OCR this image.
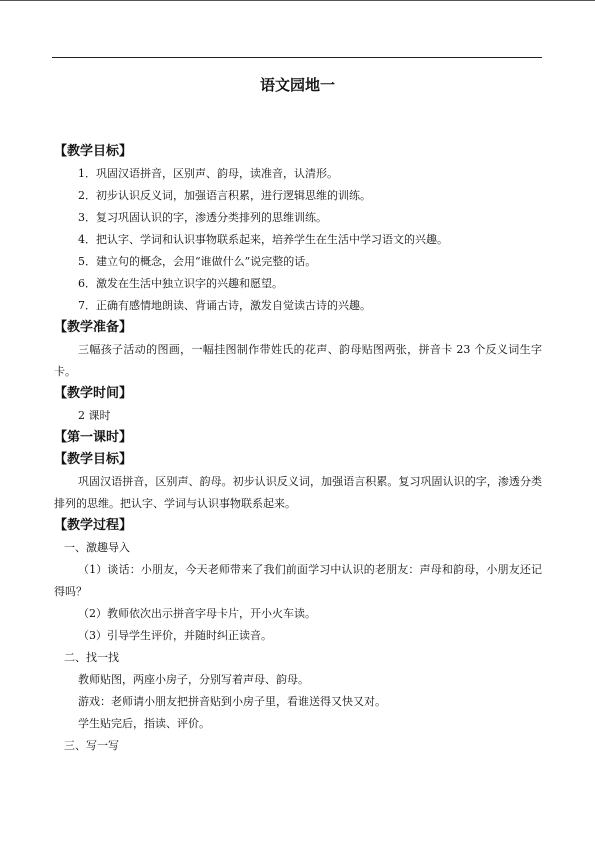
语文园地一
【教学目标】
1．巩固汉语拼音，区别声、韵母，读准音，认清形。
2．初步认识反义词，加强语言积累，进行逻辑思维的训练。
3．复习巩固认识的字，渗透分类排列的思维训练。
4．把认字、学词和认识事物联系起来，培养学生在生活中学习语文的兴趣。
5．建立句的概念，会用“谁做什么”说完整的话。
6．激发在生活中独立识字的兴趣和愿望。
7．正确有感情地朗读、背诵古诗，激发自觉读古诗的兴趣。
【教学准备】
三幅孩子活动的图画，一幅挂图制作带姓氏的花声、韵母贴图两张，拼音卡 23 个反义词生字卡。
【教学时间】
2 课时
【第一课时】
【教学目标】
巩固汉语拼音，区别声、韵母。初步认识反义词，加强语言积累。复习巩固认识的字，渗透分类排列的思维。把认字、学词与认识事物联系起来。
【教学过程】
一、激趣导入
（1）谈话：小朋友，今天老师带来了我们前面学习中认识的老朋友：声母和韵母，小朋友还记得吗？
（2）教师依次出示拼音字母卡片，开小火车读。
（3）引导学生评价，并随时纠正读音。
二、找一找
教师贴图，两座小房子，分别写着声母、韵母。
游戏：老师请小朋友把拼音贴到小房子里，看谁送得又快又对。
学生贴完后，指读、评价。
三、写一写
